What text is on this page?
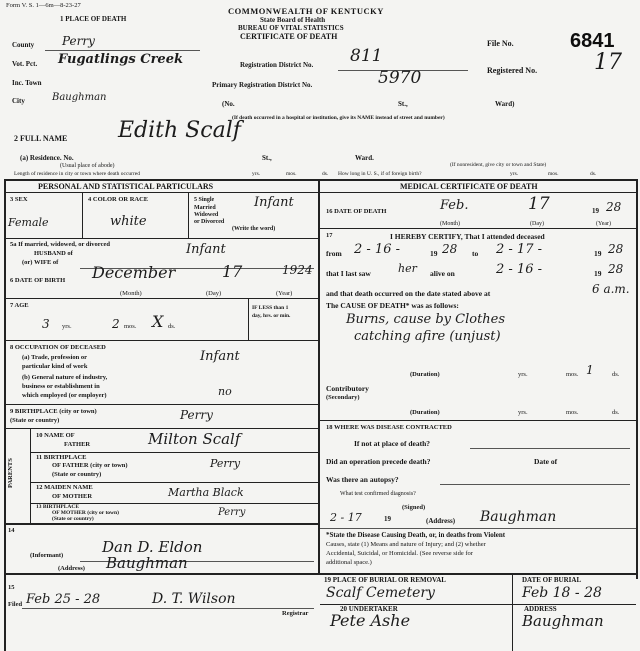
Form V. S. 1—6m—8-23-27
COMMONWEALTH OF KENTUCKY
State Board of Health
BUREAU OF VITAL STATISTICS
CERTIFICATE OF DEATH
File No.	6841
Registered No.	17
1 PLACE OF DEATH
County Perry
Vot. Pct. Fugatlings Creek	Registration District No. 811
Inc. Town	Primary Registration District No.	5970
City	Baughman
(No.	St.,	Ward)
(If death occurred in a hospital or institution, give its NAME instead of street and number)
2 FULL NAME Edith Scalf
(a) Residence. No.	St.,	Ward.
(Usual place of abode)	(If nonresident, give city or town and State)
Length of residence in city or town where death occurred	yrs.	mos.	ds. How long in U. S., if of foreign birth?	yrs.	mos.	ds.
PERSONAL AND STATISTICAL PARTICULARS
3 SEX
Female
4 COLOR OR RACE
white
5 Single
Married
Widowed
or Divorced
(Write the word)
Infant
5a If married, widowed, or divorced
HUSBAND of
(or) WIFE of
Infant
6 DATE OF BIRTH December	17	1924
(Month)	(Day)	(Year)
7 AGE
3 yrs.	2 mos. X ds.
IF LESS than 1 day, hrs. or min.
8 OCCUPATION OF DECEASED
(a) Trade, profession or
particular kind of work
Infant
(b) General nature of industry,
business or establishment in
which employed (or employer)	no
9 BIRTHPLACE (city or town)
(State or country)	Perry
PARENTS
10 NAME OF
FATHER	Milton Scalf
11 BIRTHPLACE
OF FATHER (city or town)
(State or country)
Perry
12 MAIDEN NAME
OF MOTHER	Martha Black
13 BIRTHPLACE
OF MOTHER (city or town)
(State or country)
Perry
14
(Informant)	Dan D. Eldon
(Address) Baughman
15
Filed Feb 25 - 28	D. T. Wilson
Registrar
MEDICAL CERTIFICATE OF DEATH
16 DATE OF DEATH	Feb.	17	19 28
(Month)	(Day)	(Year)
17	I HEREBY CERTIFY, That I attended deceased
from 2 - 16 -	19 28 to 2 - 17 -	19 28
that I last saw her alive on	2 - 16 -	19 28
and that death occurred on the date stated above at	6 a.m.
The CAUSE OF DEATH* was as follows:
Burns, cause by Clothes
catching afire (unjust)
(Duration)	yrs.	mos. 1	ds.
Contributory
(Secondary)
(Duration)	yrs.	mos.	ds.
18 WHERE WAS DISEASE CONTRACTED
If not at place of death?
Did an operation precede death?	Date of
Was there an autopsy?
What test confirmed diagnosis?
(Signed)
2 - 17	19	(Address) Baughman
*State the Disease Causing Death, or, in deaths from Violent
Causes, state (1) Means and nature of Injury; and (2) whether
Accidental, Suicidal, or Homicidal. (See reverse side for
additional space.)
19 PLACE OF BURIAL OR REMOVAL
Scalf Cemetery
DATE OF BURIAL
Feb 18 - 28
20 UNDERTAKER
Pete Ashe
ADDRESS
Baughman
